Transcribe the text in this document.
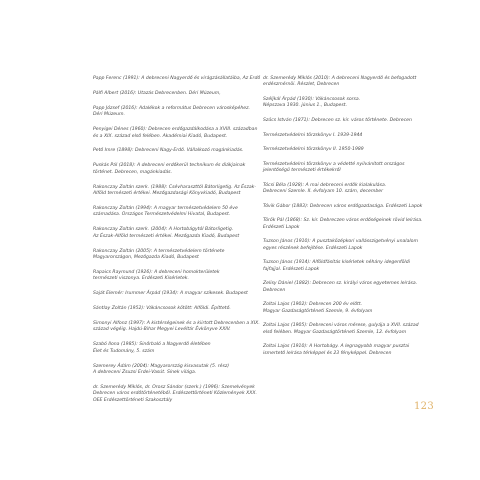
Papp Ferenc (1991): A debreceni Nagyerdő és virágzásállatáiba, Az Erdő

Pálfi Albert (2016): Utazás Debrecenben. Déri Múzeum,

Papp József (2016): Adalékok a református Debrecen városképéhez.
Déri Múzeum.

Penyigei Dénes (1960): Debrecen erdőgazdálkodása a XVIII. században
és a XIX. század első felében. Akadémiai Kiadó, Budapest.

Pető Imre (1898): Debreceni Nagy-Erdő. Vállalkozó magánkiadás.

Puskás Pál (2018): A debreceni erdőkerül technikum és diákjainak
történet. Debrecen, magánkiadás.

Rakonczay Zoltán szerk. (1988): Csévharaszttól Bátorligetig. Az Észak-
Alföld természeti értékei. Mezőgazdasági Könyvkiadó, Budapest

Rakonczay Zoltán (1994): A magyar természetvédelem 50 éve
számadása. Országos Természetvédelmi Hivatal, Budapest.

Rakonczay Zoltán szerk. (2004): A Hortobágytól Bátorligetig.
Az Észak-Alföld természeti értékei. Mezőgazda Kiadó, Budapest

Rakonczay Zoltán (2005): A természetvédelem története
Magyarországon, Mezőgazda Kiadó, Budapest

Rapaics Raymund (1926): A debreceni homokterületek
természeti viszonya. Erdészeti Kísérletek.

Saját Elemér: Irummer Árpád (1934): A magyar szikesek. Budapest

Sántlay Zoltán (1952): Vákáncsosok kötött: Alföldi. Építtető.

Simonyi Alfonz (1997): A kistérségeinek és a kiirtott Debrecenben a XIX.
század végéig. Hajdú-Bihar Megyei Levéltár Évkönyve XXIV.

Szabó Ilona (1985): Sinőrbaló a Nagyerdő életében
Élet és Tudomány, 5. szám

Szemerey Ádám (2004): Magyarország kisvasutak (5. rész)
A debreceni Zsuzsi Erdei-Vasút. Sínek világa.

dr. Szemerédy Miklós, dr. Orosz Sándor (szerk.) (1996): Szemelvények
Debrecen város erdőtörténetéből. Erdészettörténeti Közlemények XXX.
OEE Erdészettörténeti Szakosztály

dr. Szemerédy Miklós (2010): A debreceni Nagyerdő és befogadott
erdészmérnöi. Részlet, Debrecen

Széljkál Árpád (1930): Vákáncsosok sorsa.
Népszava 1930. június 1., Budapest.

Szűcs István (1871): Debrecen sz. kir. város története. Debrecen

Természetvédelmi törzskönyv I. 1939-1944

Természetvédelmi törzskönyv II. 1950-1989

Természetvédelmi törzskönyv a védetté nyilvánított országos
jelentőségű természeti értékekről

Tócsi Béla (1928): A mai debreceni erdők kialakulása.
Debreceni Szemle. II. évfolyam 10. szám, december

Tóvik Gábor (1883): Debrecen város erdőgazdasága. Erdészeti Lapok

Török Pál (1868): Sz. kir. Debreczen város erdőségeinek rövid leírása.
Erdészeti Lapok

Tuzson János (1910): A pusztaközépkori vallásszigetvényi unalalom
egyes részének befejítése. Erdészeti Lapok

Tuzson János (1914): Alföldfásítás kísérletek néhány idegenföldi
fajfajjal. Erdészeti Lapok

Zelisy Dániel (1882): Debrecen sz. királyi város egyetemes leírása.
Debrecen

Zoltai Lajos (1902): Debrecen 200 év előtt.
Magyar Gazdaságtörténeti Szemle, 9. évfolyam

Zoltai Lajos (1905): Debreceni város mérese, gulyája a XVII. század
első felében. Magyar Gazdaságtörténeti Szemle, 12. évfolyam

Zoltai Lajos (1910): A Hortobágy. A legnagyobb magyar pusztai
ismertető leírása térképpel és 23 fényképpel. Debrecen

123
